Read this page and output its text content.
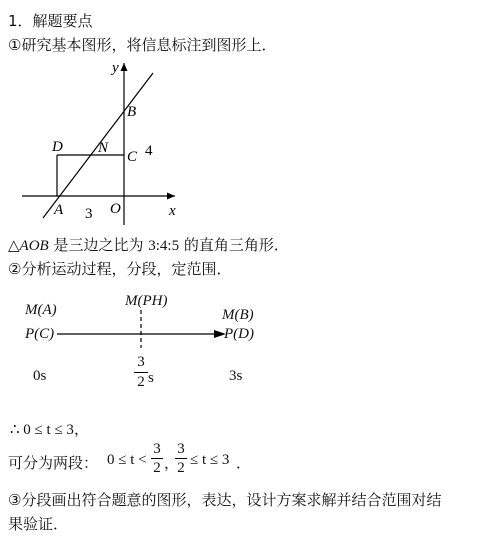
1．解题要点
①研究基本图形，将信息标注到图形上．
y
x
B
C
D N
A	O
4
3
△AOB 是三边之比为 3:4:5 的直角三角形．
②分析运动过程，分段，定范围．
M(A)
P(C)
M(PH)
M(B)
P(D)
0s
3
2 s	3s
∴ 0 ≤ t ≤ 3，
可分为两段： 0 ≤ t <
3
2 ，
3
2 ≤ t ≤ 3 ．
③分段画出符合题意的图形，表达，设计方案求解并结合范围对结
果验证．
